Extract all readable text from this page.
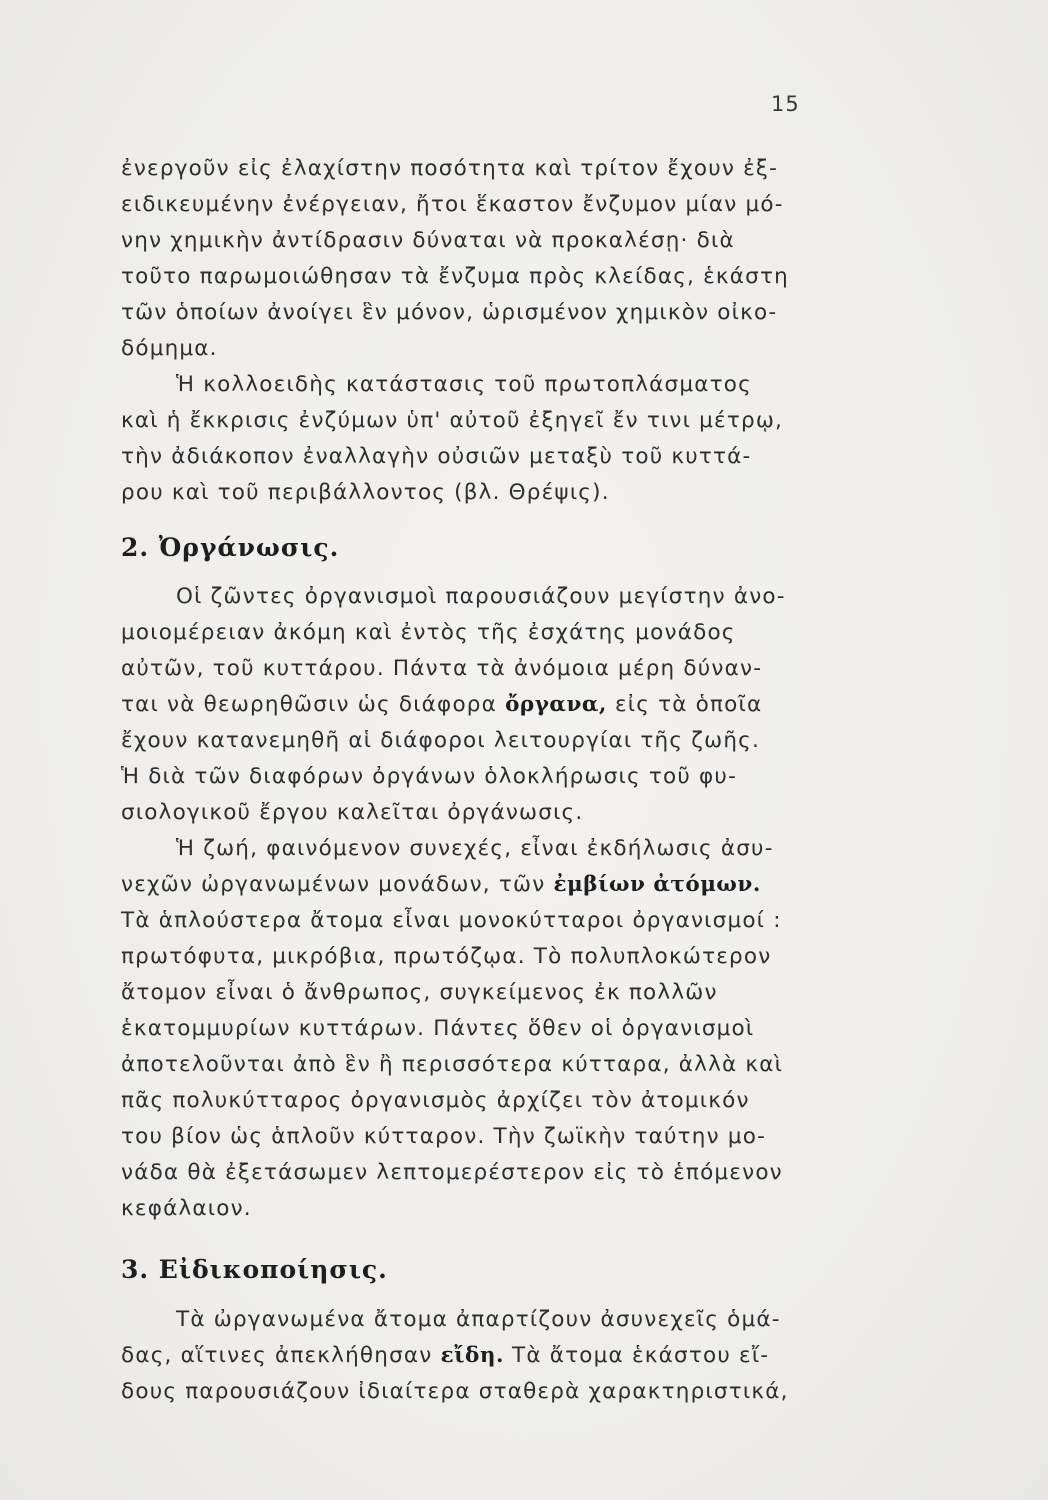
15
ἐνεργοῦν εἰς ἐλαχίστην ποσότητα καὶ τρίτον ἔχουν ἐξ-
ειδικευμένην ἐνέργειαν, ἤτοι ἕκαστον ἔνζυμον μίαν μό-
νην χημικὴν ἀντίδρασιν δύναται νὰ προκαλέσῃ· διὰ
τοῦτο παρωμοιώθησαν τὰ ἔνζυμα πρὸς κλείδας, ἑκάστη
τῶν ὁποίων ἀνοίγει ἓν μόνον, ὡρισμένον χημικὸν οἰκο-
δόμημα.
Ἡ κολλοειδὴς κατάστασις τοῦ πρωτοπλάσματος
καὶ ἡ ἔκκρισις ἐνζύμων ὑπ' αὐτοῦ ἐξηγεῖ ἔν τινι μέτρῳ,
τὴν ἀδιάκοπον ἐναλλαγὴν οὐσιῶν μεταξὺ τοῦ κυττά-
ρου καὶ τοῦ περιβάλλοντος (βλ. Θρέψις).
2. Ὀργάνωσις.
Οἱ ζῶντες ὀργανισμοὶ παρουσιάζουν μεγίστην ἀνο-
μοιομέρειαν ἀκόμη καὶ ἐντὸς τῆς ἐσχάτης μονάδος
αὐτῶν, τοῦ κυττάρου. Πάντα τὰ ἀνόμοια μέρη δύναν-
ται νὰ θεωρηθῶσιν ὡς διάφορα ὄργανα, εἰς τὰ ὁποῖα
ἔχουν κατανεμηθῆ αἱ διάφοροι λειτουργίαι τῆς ζωῆς.
Ἡ διὰ τῶν διαφόρων ὀργάνων ὁλοκλήρωσις τοῦ φυ-
σιολογικοῦ ἔργου καλεῖται ὀργάνωσις.
Ἡ ζωή, φαινόμενον συνεχές, εἶναι ἐκδήλωσις ἀσυ-
νεχῶν ὠργανωμένων μονάδων, τῶν ἐμβίων ἀτόμων.
Τὰ ἁπλούστερα ἄτομα εἶναι μονοκύτταροι ὀργανισμοί :
πρωτόφυτα, μικρόβια, πρωτόζῳα. Τὸ πολυπλοκώτερον
ἄτομον εἶναι ὁ ἄνθρωπος, συγκείμενος ἐκ πολλῶν
ἑκατομμυρίων κυττάρων. Πάντες ὅθεν οἱ ὀργανισμοὶ
ἀποτελοῦνται ἀπὸ ἓν ἢ περισσότερα κύτταρα, ἀλλὰ καὶ
πᾶς πολυκύτταρος ὀργανισμὸς ἀρχίζει τὸν ἀτομικόν
του βίον ὡς ἁπλοῦν κύτταρον. Τὴν ζωϊκὴν ταύτην μο-
νάδα θὰ ἐξετάσωμεν λεπτομερέστερον εἰς τὸ ἑπόμενον
κεφάλαιον.
3. Εἰδικοποίησις.
Τὰ ὠργανωμένα ἄτομα ἀπαρτίζουν ἀσυνεχεῖς ὁμά-
δας, αἵτινες ἀπεκλήθησαν εἴδη. Τὰ ἄτομα ἑκάστου εἴ-
δους παρουσιάζουν ἰδιαίτερα σταθερὰ χαρακτηριστικά,
